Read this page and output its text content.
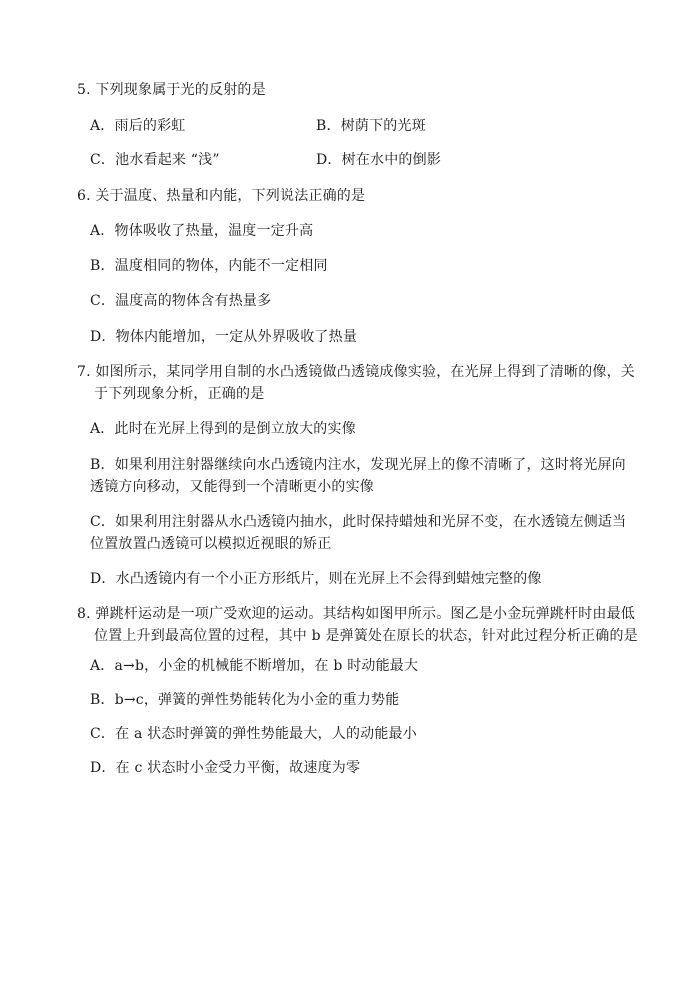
5. 下列现象属于光的反射的是
A．雨后的彩虹	B．树荫下的光斑
C．池水看起来 “浅”	D．树在水中的倒影
6. 关于温度、热量和内能，下列说法正确的是
A．物体吸收了热量，温度一定升高
B．温度相同的物体，内能不一定相同
C．温度高的物体含有热量多
D．物体内能增加，一定从外界吸收了热量
7. 如图所示，某同学用自制的水凸透镜做凸透镜成像实验，在光屏上得到了清晰的像，关
于下列现象分析，正确的是
A．此时在光屏上得到的是倒立放大的实像
B．如果利用注射器继续向水凸透镜内注水，发现光屏上的像不清晰了，这时将光屏向
透镜方向移动，又能得到一个清晰更小的实像
C．如果利用注射器从水凸透镜内抽水，此时保持蜡烛和光屏不变，在水透镜左侧适当
位置放置凸透镜可以模拟近视眼的矫正
D．水凸透镜内有一个小正方形纸片，则在光屏上不会得到蜡烛完整的像
8. 弹跳杆运动是一项广受欢迎的运动。其结构如图甲所示。图乙是小金玩弹跳杆时由最低
位置上升到最高位置的过程，其中 b 是弹簧处在原长的状态，针对此过程分析正确的是
A．a→b，小金的机械能不断增加，在 b 时动能最大
B．b→c，弹簧的弹性势能转化为小金的重力势能
C．在 a 状态时弹簧的弹性势能最大，人的动能最小
D．在 c 状态时小金受力平衡，故速度为零
